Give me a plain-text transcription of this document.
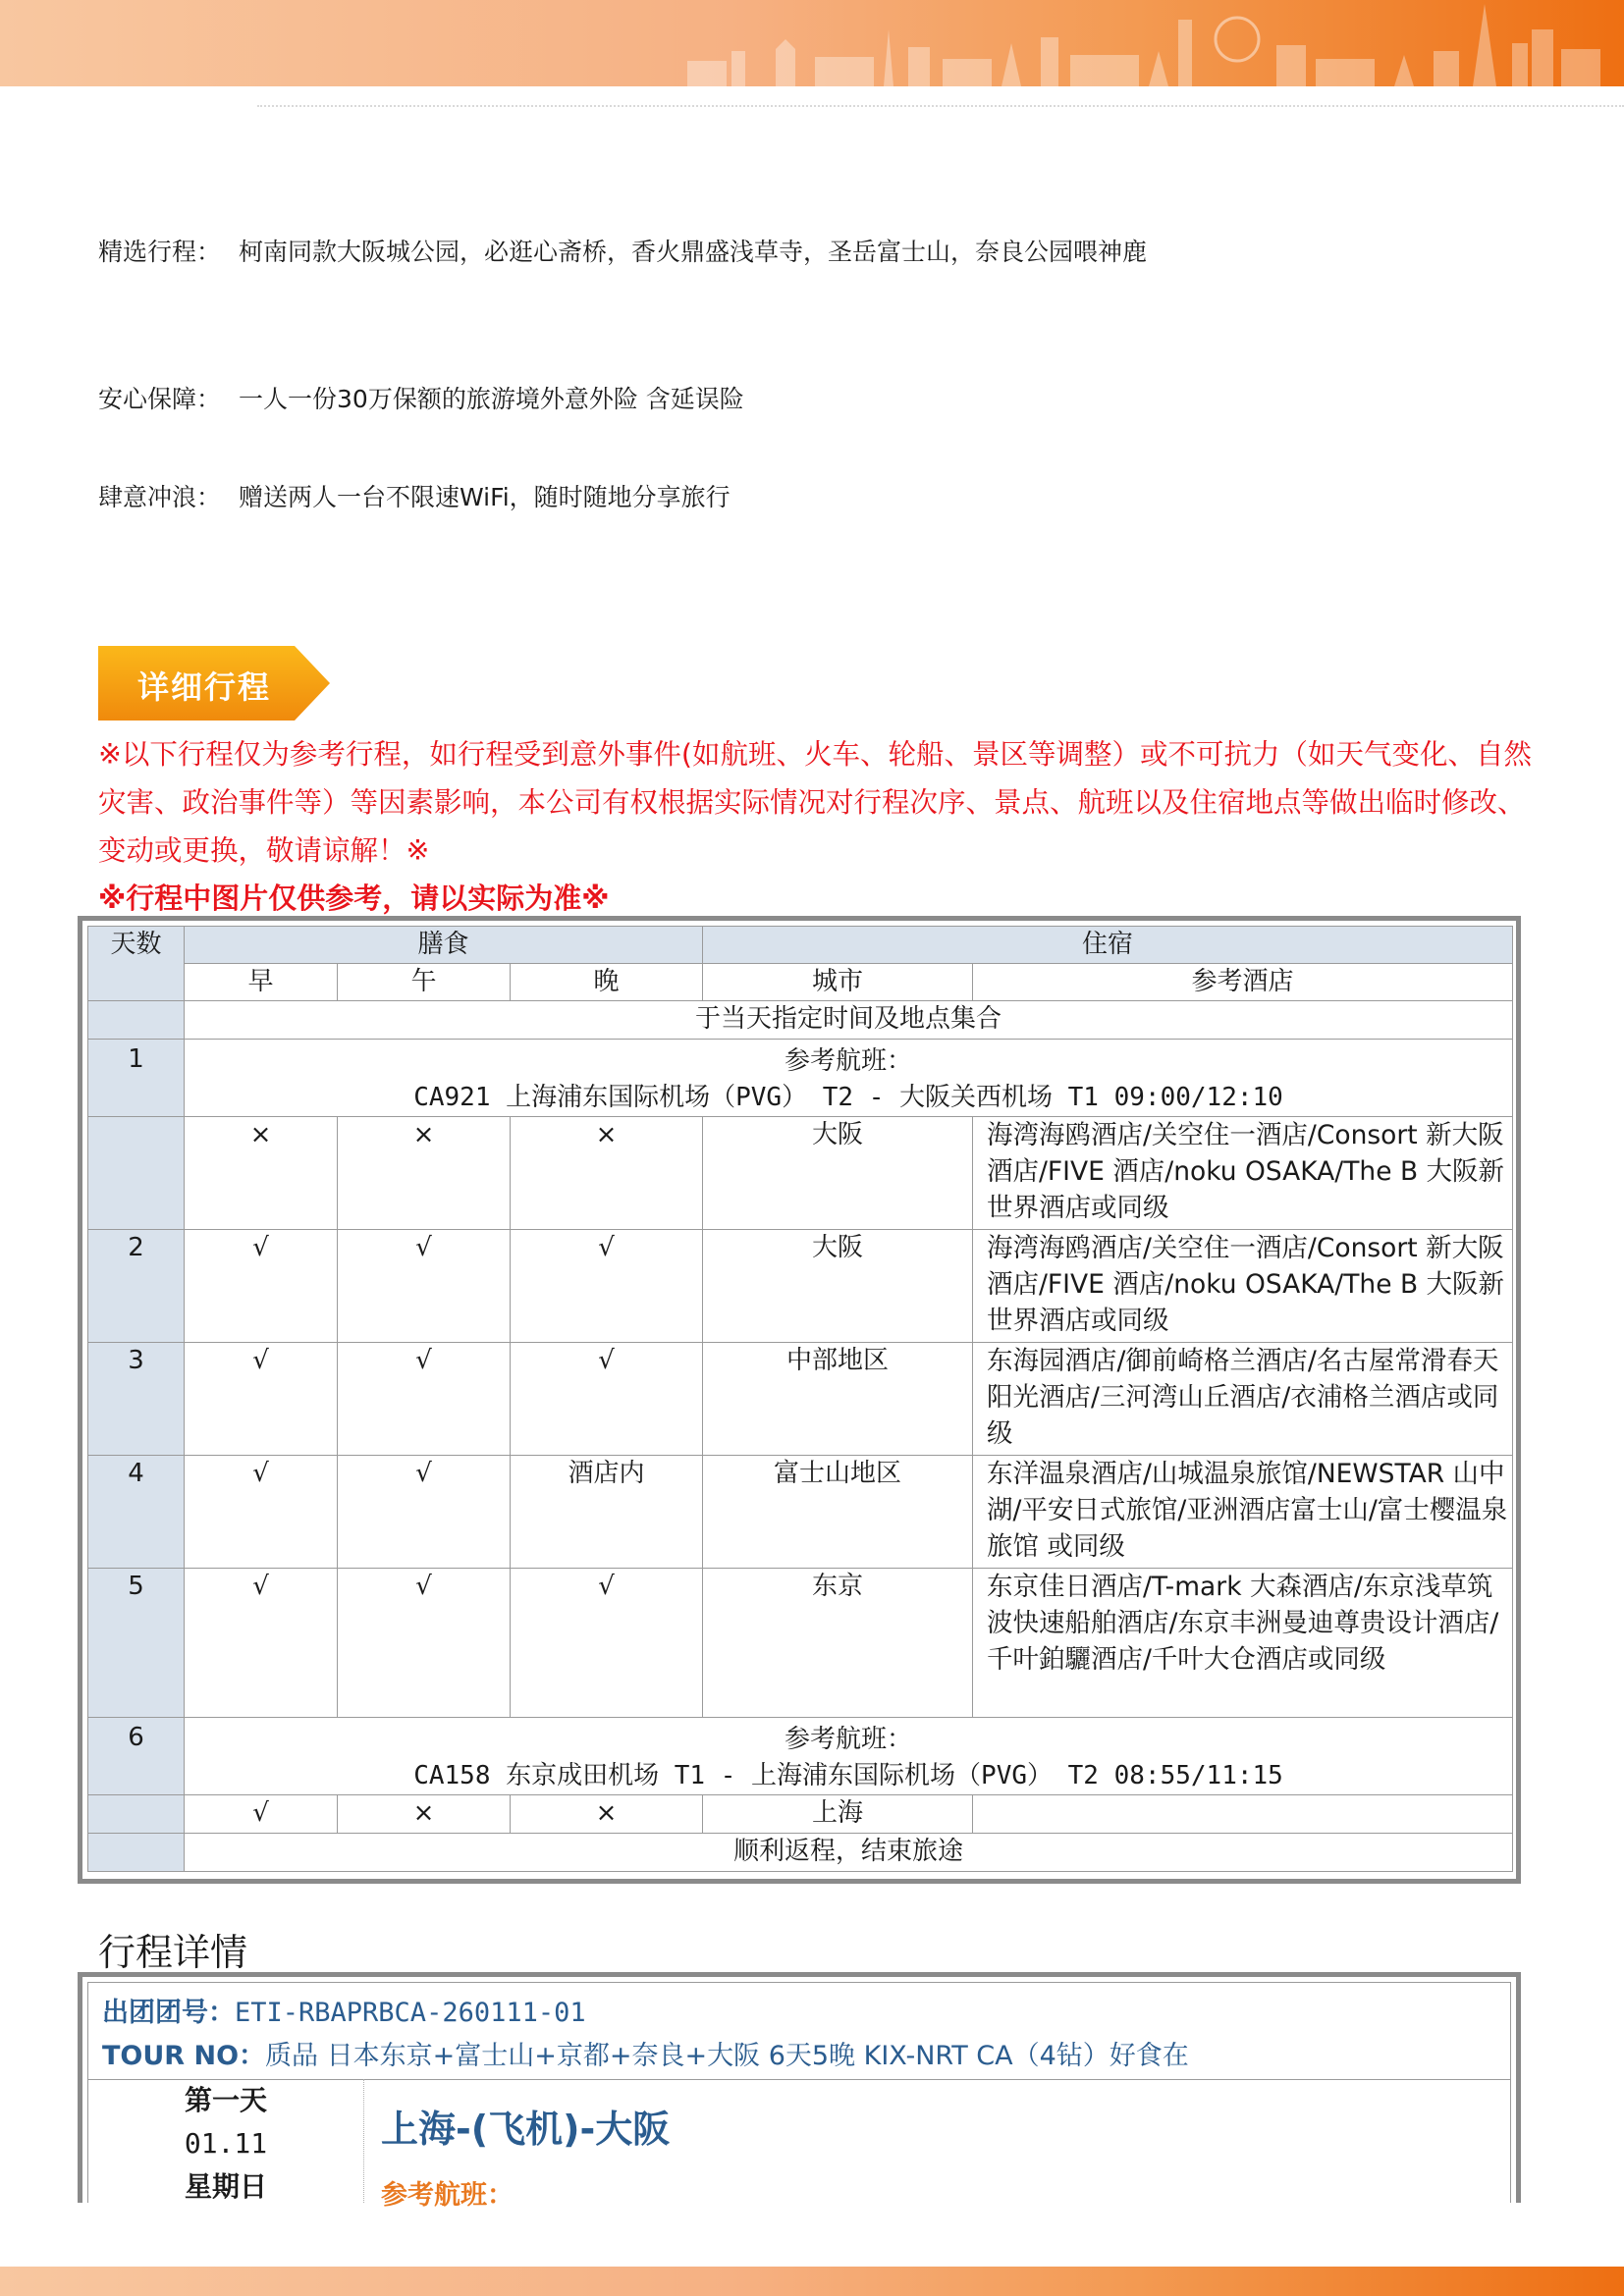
精选行程： 柯南同款大阪城公园，必逛心斋桥，香火鼎盛浅草寺，圣岳富士山，奈良公园喂神鹿
安心保障： 一人一份30万保额的旅游境外意外险 含延误险
肆意冲浪： 赠送两人一台不限速WiFi，随时随地分享旅行
详细行程
※以下行程仅为参考行程，如行程受到意外事件(如航班、火车、轮船、景区等调整）或不可抗力（如天气变化、自然灾害、政治事件等）等因素影响，本公司有权根据实际情况对行程次序、景点、航班以及住宿地点等做出临时修改、变动或更换，敬请谅解！※
※行程中图片仅供参考，请以实际为准※
天数	膳食			住宿	
	早	午	晚	城市	参考酒店
	于当天指定时间及地点集合				
1	参考航班：
CA921 上海浦东国际机场（PVG） T2 - 大阪关西机场 T1 09:00/12:10				

	×	×	×	大阪	海湾海鸥酒店/关空住一酒店/Consort 新大阪酒店/FIVE 酒店/noku OSAKA/The B 大阪新世界酒店或同级
2	√	√	√	大阪	海湾海鸥酒店/关空住一酒店/Consort 新大阪酒店/FIVE 酒店/noku OSAKA/The B 大阪新世界酒店或同级
3	√	√	√	中部地区	东海园酒店/御前崎格兰酒店/名古屋常滑春天阳光酒店/三河湾山丘酒店/衣浦格兰酒店或同级
4	√	√	酒店内	富士山地区	东洋温泉酒店/山城温泉旅馆/NEWSTAR 山中湖/平安日式旅馆/亚洲酒店富士山/富士樱温泉旅馆 或同级
5	√	√	√	东京	东京佳日酒店/T-mark 大森酒店/东京浅草筑波快速船舶酒店/东京丰洲曼迪尊贵设计酒店/千叶鉑驪酒店/千叶大仓酒店或同级
6	参考航班：
CA158 东京成田机场 T1 - 上海浦东国际机场（PVG） T2 08:55/11:15				

	√	×	×	上海	
	顺利返程，结束旅途				
行程详情
出团团号：ETI-RBAPRBCA-260111-01
TOUR NO：质品 日本东京+富士山+京都+奈良+大阪 6天5晚 KIX-NRT CA（4钻）好食在
第一天
01.11
星期日
上海-(飞机)-大阪
参考航班：
